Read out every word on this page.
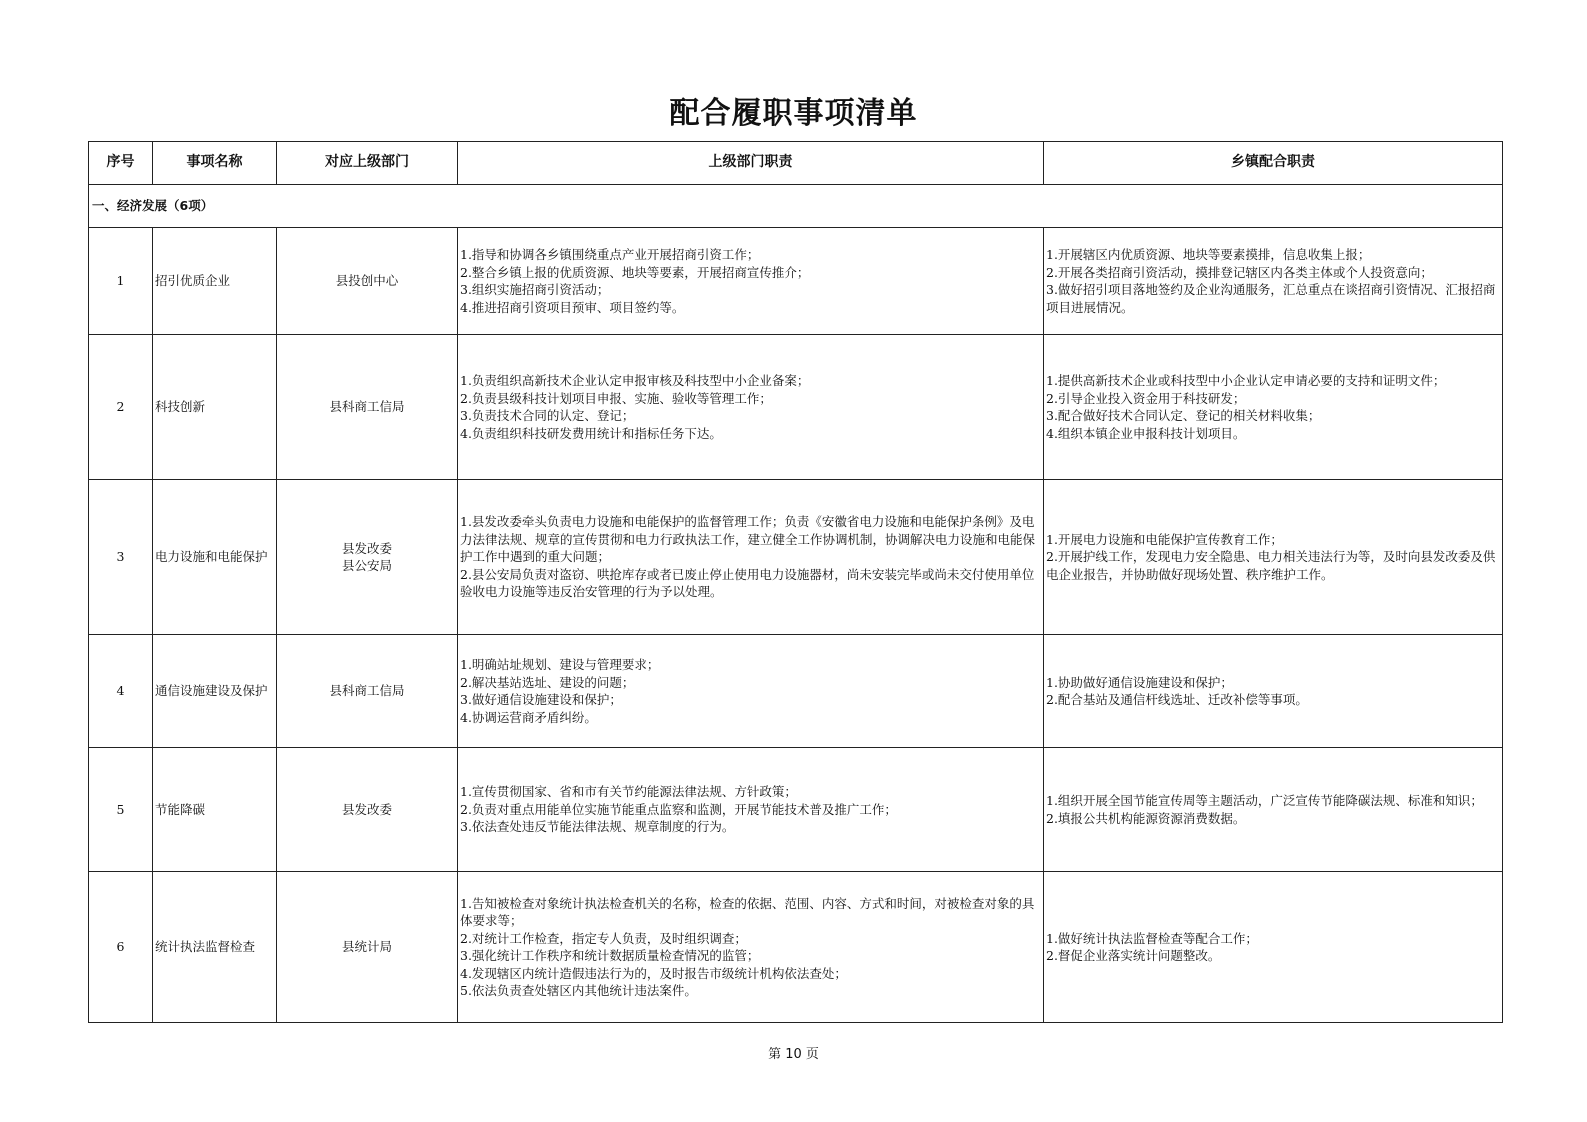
配合履职事项清单
序号	事项名称	对应上级部门	上级部门职责	乡镇配合职责
一、经济发展（6项）				
1	招引优质企业	县投创中心	1.指导和协调各乡镇围绕重点产业开展招商引资工作；
2.整合乡镇上报的优质资源、地块等要素，开展招商宣传推介；
3.组织实施招商引资活动；
4.推进招商引资项目预审、项目签约等。	1.开展辖区内优质资源、地块等要素摸排，信息收集上报；
2.开展各类招商引资活动，摸排登记辖区内各类主体或个人投资意向；
3.做好招引项目落地签约及企业沟通服务，汇总重点在谈招商引资情况、汇报招商项目进展情况。

2	科技创新	县科商工信局	1.负责组织高新技术企业认定申报审核及科技型中小企业备案；
2.负责县级科技计划项目申报、实施、验收等管理工作；
3.负责技术合同的认定、登记；
4.负责组织科技研发费用统计和指标任务下达。	1.提供高新技术企业或科技型中小企业认定申请必要的支持和证明文件；
2.引导企业投入资金用于科技研发；
3.配合做好技术合同认定、登记的相关材料收集；
4.组织本镇企业申报科技计划项目。

3	电力设施和电能保护	县发改委
县公安局	1.县发改委牵头负责电力设施和电能保护的监督管理工作；负责《安徽省电力设施和电能保护条例》及电力法律法规、规章的宣传贯彻和电力行政执法工作，建立健全工作协调机制，协调解决电力设施和电能保护工作中遇到的重大问题；
2.县公安局负责对盗窃、哄抢库存或者已废止停止使用电力设施器材，尚未安装完毕或尚未交付使用单位验收电力设施等违反治安管理的行为予以处理。	1.开展电力设施和电能保护宣传教育工作；
2.开展护线工作，发现电力安全隐患、电力相关违法行为等，及时向县发改委及供电企业报告，并协助做好现场处置、秩序维护工作。

4	通信设施建设及保护	县科商工信局	1.明确站址规划、建设与管理要求；
2.解决基站选址、建设的问题；
3.做好通信设施建设和保护；
4.协调运营商矛盾纠纷。	1.协助做好通信设施建设和保护；
2.配合基站及通信杆线选址、迁改补偿等事项。

5	节能降碳	县发改委	1.宣传贯彻国家、省和市有关节约能源法律法规、方针政策；
2.负责对重点用能单位实施节能重点监察和监测，开展节能技术普及推广工作；
3.依法查处违反节能法律法规、规章制度的行为。	1.组织开展全国节能宣传周等主题活动，广泛宣传节能降碳法规、标准和知识；
2.填报公共机构能源资源消费数据。

6	统计执法监督检查	县统计局	1.告知被检查对象统计执法检查机关的名称，检查的依据、范围、内容、方式和时间，对被检查对象的具体要求等；
2.对统计工作检查，指定专人负责，及时组织调查；
3.强化统计工作秩序和统计数据质量检查情况的监管；
4.发现辖区内统计造假违法行为的，及时报告市级统计机构依法查处；
5.依法负责查处辖区内其他统计违法案件。	1.做好统计执法监督检查等配合工作；
2.督促企业落实统计问题整改。
第 10 页
